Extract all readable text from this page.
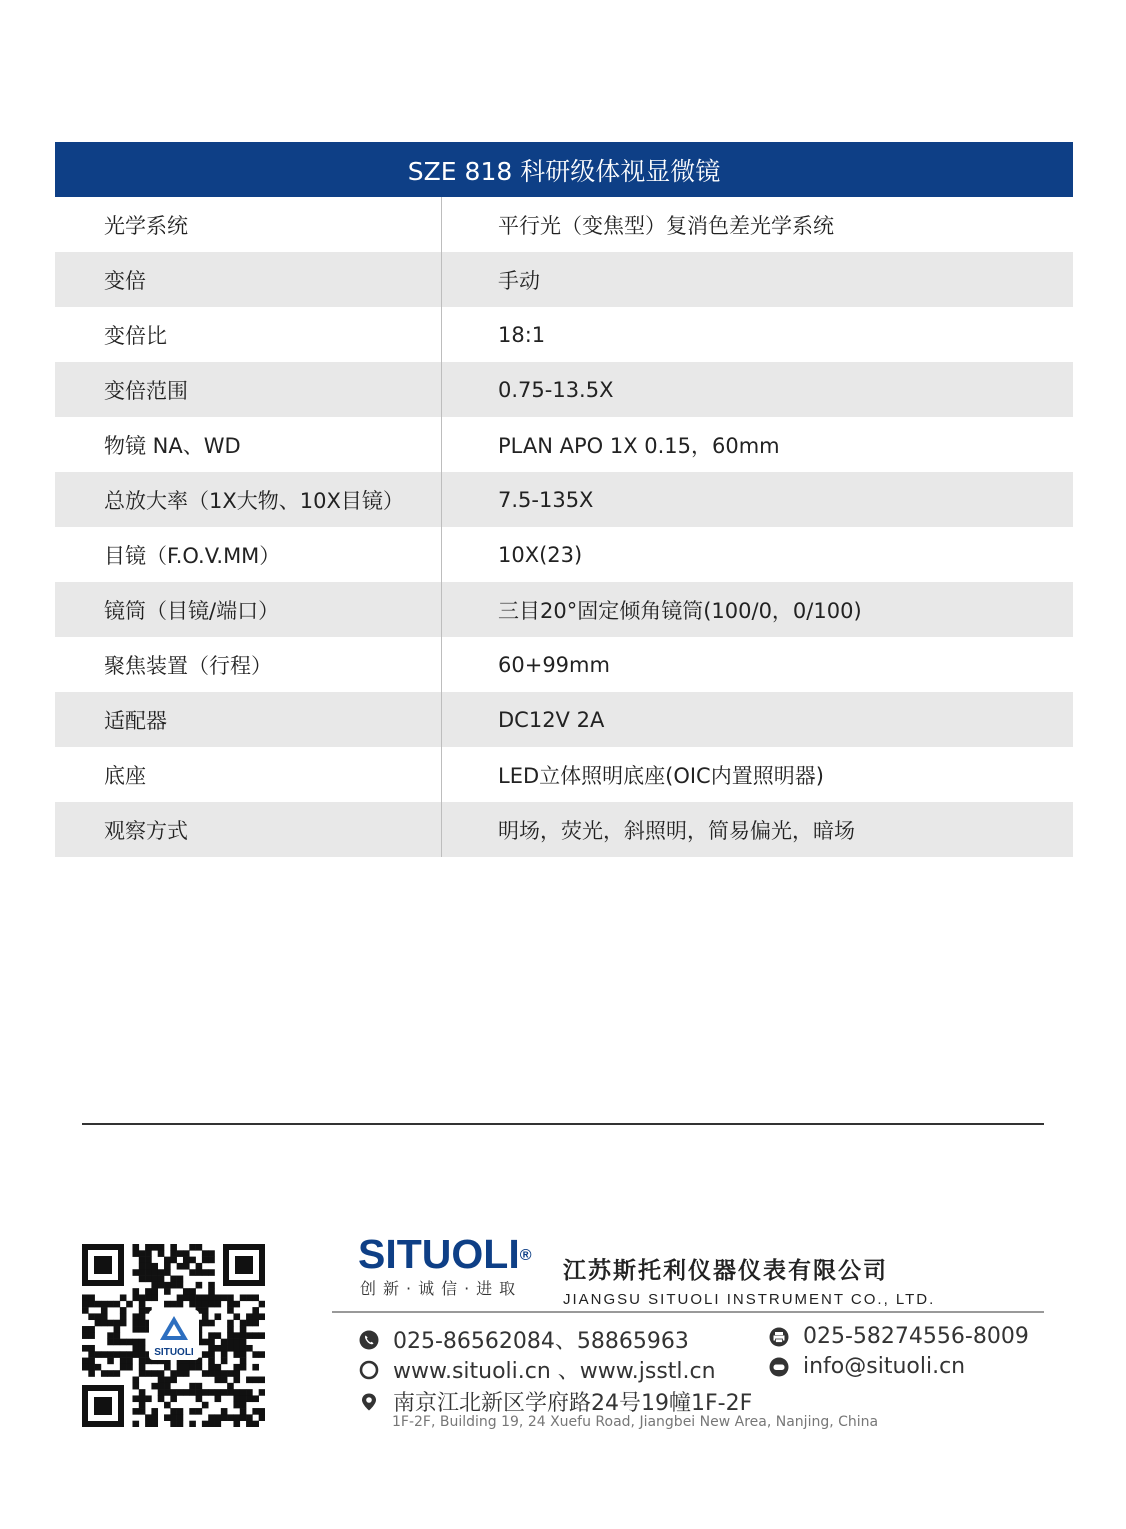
SZE 818 科研级体视显微镜
光学系统	平行光（变焦型）复消色差光学系统
变倍	手动
变倍比	18:1
变倍范围	0.75-13.5X
物镜 NA、WD	PLAN APO 1X 0.15，60mm
总放大率（1X大物、10X目镜）	7.5-135X
目镜（F.O.V.MM）	10X(23)
镜筒（目镜/端口）	三目20°固定倾角镜筒(100/0，0/100)
聚焦装置（行程）	60+99mm
适配器	DC12V 2A
底座	LED立体照明底座(OIC内置照明器)
观察方式	明场，荧光，斜照明，简易偏光，暗场
SITUOLI
SITUOLI®
创新·诚信·进取
江苏斯托利仪器仪表有限公司
JIANGSU SITUOLI INSTRUMENT CO., LTD.
025-86562084、58865963	025-58274556-8009
www.situoli.cn 、www.jsstl.cn	info@situoli.cn
南京江北新区学府路24号19幢1F-2F
1F-2F, Building 19, 24 Xuefu Road, Jiangbei New Area, Nanjing, China
